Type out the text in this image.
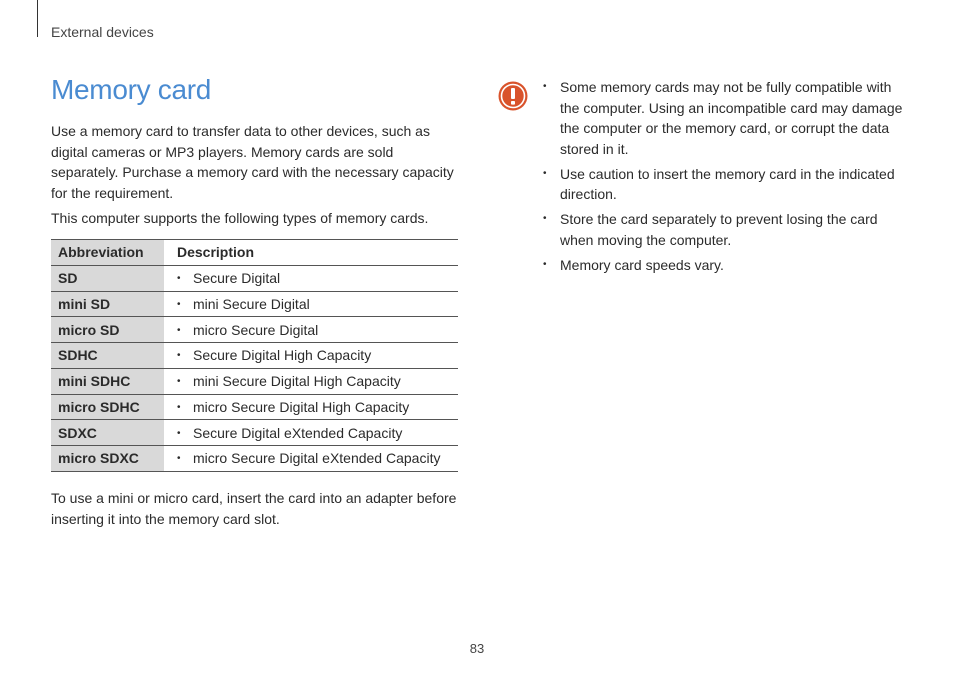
External devices
Memory card

Use a memory card to transfer data to other devices, such as digital cameras or MP3 players. Memory cards are sold separately. Purchase a memory card with the necessary capacity for the requirement.

This computer supports the following types of memory cards.

Abbreviation	Description
SD	• Secure Digital
mini SD	• mini Secure Digital
micro SD	• micro Secure Digital
SDHC	• Secure Digital High Capacity
mini SDHC	• mini Secure Digital High Capacity
micro SDHC	• micro Secure Digital High Capacity
SDXC	• Secure Digital eXtended Capacity
micro SDXC	• micro Secure Digital eXtended Capacity

To use a mini or micro card, insert the card into an adapter before inserting it into the memory card slot.

• Some memory cards may not be fully compatible with the computer. Using an incompatible card may damage the computer or the memory card, or corrupt the data stored in it.
• Use caution to insert the memory card in the indicated direction.
• Store the card separately to prevent losing the card when moving the computer.
• Memory card speeds vary.
83
